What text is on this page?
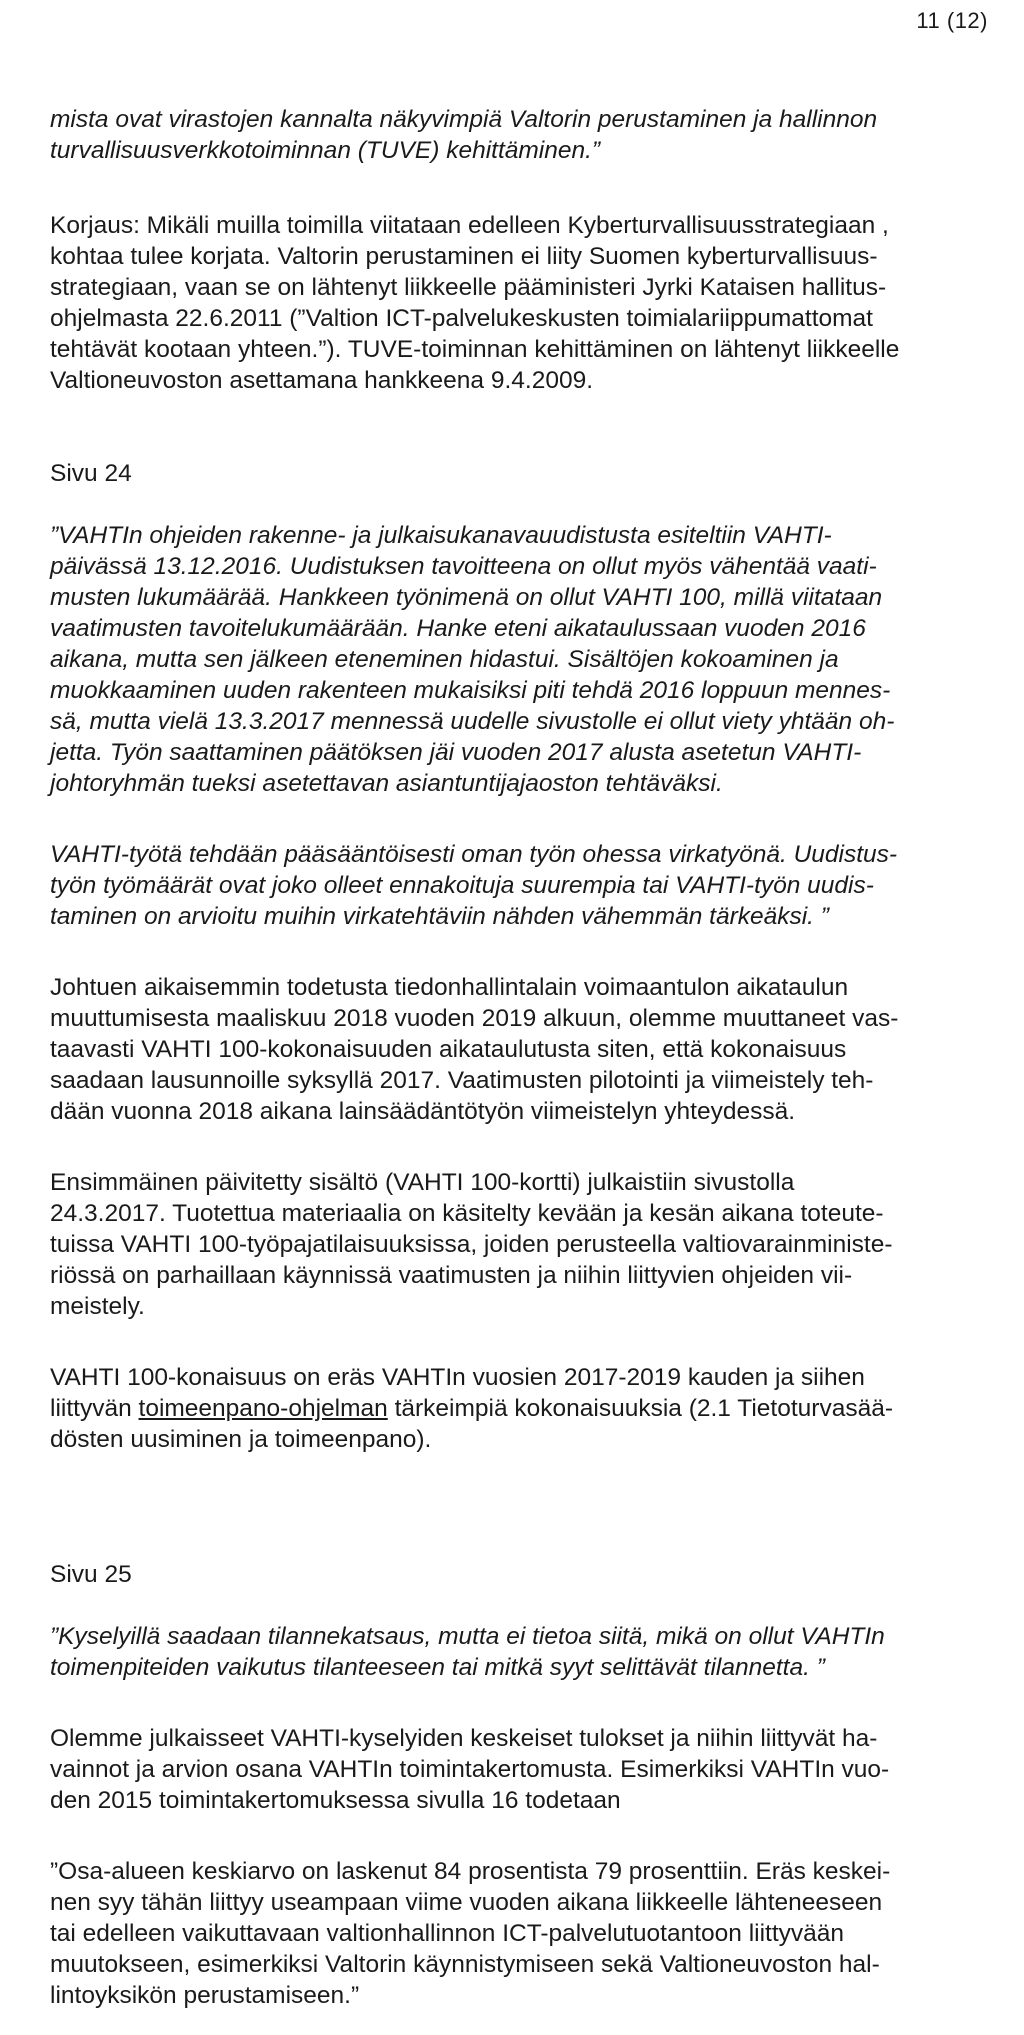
11 (12)
mista ovat virastojen kannalta näkyvimpiä Valtorin perustaminen ja hallinnon
turvallisuusverkkotoiminnan (TUVE) kehittäminen.”
Korjaus: Mikäli muilla toimilla viitataan edelleen Kyberturvallisuusstrategiaan ,
kohtaa tulee korjata. Valtorin perustaminen ei liity Suomen kyberturvallisuus-
strategiaan, vaan se on lähtenyt liikkeelle pääministeri Jyrki Kataisen hallitus-
ohjelmasta 22.6.2011 (”Valtion ICT-palvelukeskusten toimialariippumattomat
tehtävät kootaan yhteen.”). TUVE-toiminnan kehittäminen on lähtenyt liikkeelle
Valtioneuvoston asettamana hankkeena 9.4.2009.
Sivu 24
”VAHTIn ohjeiden rakenne- ja julkaisukanavauudistusta esiteltiin VAHTI-
päivässä 13.12.2016. Uudistuksen tavoitteena on ollut myös vähentää vaati-
musten lukumäärää. Hankkeen työnimenä on ollut VAHTI 100, millä viitataan
vaatimusten tavoitelukumäärään. Hanke eteni aikataulussaan vuoden 2016
aikana, mutta sen jälkeen eteneminen hidastui. Sisältöjen kokoaminen ja
muokkaaminen uuden rakenteen mukaisiksi piti tehdä 2016 loppuun mennes-
sä, mutta vielä 13.3.2017 mennessä uudelle sivustolle ei ollut viety yhtään oh-
jetta. Työn saattaminen päätöksen jäi vuoden 2017 alusta asetetun VAHTI-
johtoryhmän tueksi asetettavan asiantuntijajaoston tehtäväksi.
VAHTI-työtä tehdään pääsääntöisesti oman työn ohessa virkatyönä. Uudistus-
työn työmäärät ovat joko olleet ennakoituja suurempia tai VAHTI-työn uudis-
taminen on arvioitu muihin virkatehtäviin nähden vähemmän tärkeäksi. ”
Johtuen aikaisemmin todetusta tiedonhallintalain voimaantulon aikataulun
muuttumisesta maaliskuu 2018 vuoden 2019 alkuun, olemme muuttaneet vas-
taavasti VAHTI 100-kokonaisuuden aikataulutusta siten, että kokonaisuus
saadaan lausunnoille syksyllä 2017. Vaatimusten pilotointi ja viimeistely teh-
dään vuonna 2018 aikana lainsäädäntötyön viimeistelyn yhteydessä.
Ensimmäinen päivitetty sisältö (VAHTI 100-kortti) julkaistiin sivustolla
24.3.2017. Tuotettua materiaalia on käsitelty kevään ja kesän aikana toteute-
tuissa VAHTI 100-työpajatilaisuuksissa, joiden perusteella valtiovarainministe-
riössä on parhaillaan käynnissä vaatimusten ja niihin liittyvien ohjeiden vii-
meistely.
VAHTI 100-konaisuus on eräs VAHTIn vuosien 2017-2019 kauden ja siihen
liittyvän toimeenpano-ohjelman tärkeimpiä kokonaisuuksia (2.1 Tietoturvasää-
dösten uusiminen ja toimeenpano).
Sivu 25
”Kyselyillä saadaan tilannekatsaus, mutta ei tietoa siitä, mikä on ollut VAHTIn
toimenpiteiden vaikutus tilanteeseen tai mitkä syyt selittävät tilannetta. ”
Olemme julkaisseet VAHTI-kyselyiden keskeiset tulokset ja niihin liittyvät ha-
vainnot ja arvion osana VAHTIn toimintakertomusta. Esimerkiksi VAHTIn vuo-
den 2015 toimintakertomuksessa sivulla 16 todetaan
”Osa-alueen keskiarvo on laskenut 84 prosentista 79 prosenttiin. Eräs keskei-
nen syy tähän liittyy useampaan viime vuoden aikana liikkeelle lähteneeseen
tai edelleen vaikuttavaan valtionhallinnon ICT-palvelutuotantoon liittyvään
muutokseen, esimerkiksi Valtorin käynnistymiseen sekä Valtioneuvoston hal-
lintoyksikön perustamiseen.”
